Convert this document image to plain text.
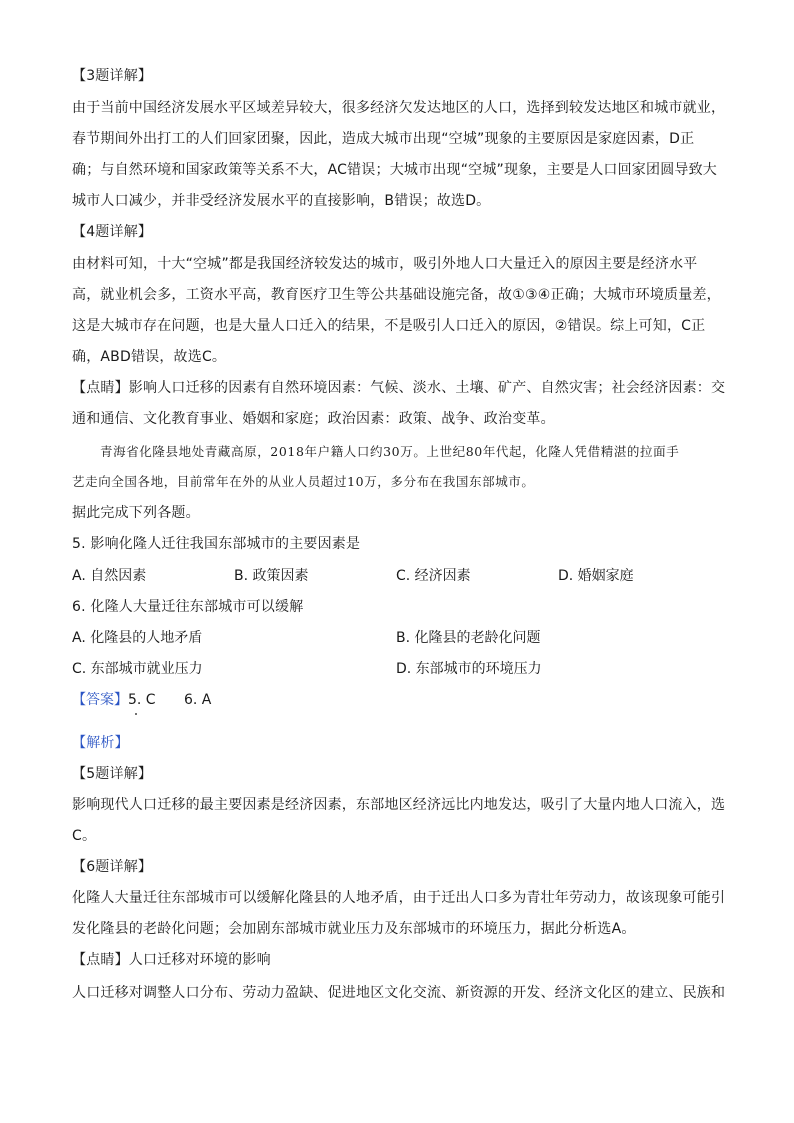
【3题详解】
由于当前中国经济发展水平区域差异较大，很多经济欠发达地区的人口，选择到较发达地区和城市就业，
春节期间外出打工的人们回家团聚，因此，造成大城市出现“空城”现象的主要原因是家庭因素，D正
确；与自然环境和国家政策等关系不大，AC错误；大城市出现“空城”现象，主要是人口回家团圆导致大
城市人口减少，并非受经济发展水平的直接影响，B错误；故选D。
【4题详解】
由材料可知，十大“空城”都是我国经济较发达的城市，吸引外地人口大量迁入的原因主要是经济水平
高，就业机会多，工资水平高，教育医疗卫生等公共基础设施完备，故①③④正确；大城市环境质量差，
这是大城市存在问题，也是大量人口迁入的结果，不是吸引人口迁入的原因，②错误。综上可知，C正
确，ABD错误，故选C。
【点睛】影响人口迁移的因素有自然环境因素：气候、淡水、土壤、矿产、自然灾害；社会经济因素：交
通和通信、文化教育事业、婚姻和家庭；政治因素：政策、战争、政治变革。
青海省化隆县地处青藏高原，2018年户籍人口约30万。上世纪80年代起，化隆人凭借精湛的拉面手
艺走向全国各地，目前常年在外的从业人员超过10万，多分布在我国东部城市。
据此完成下列各题。
5. 影响化隆人迁往我国东部城市的主要因素是
A. 自然因素	B. 政策因素	C. 经济因素	D. 婚姻家庭
6. 化隆人大量迁往东部城市可以缓解
A. 化隆县的人地矛盾	B. 化隆县的老龄化问题
C. 东部城市就业压力	D. 东部城市的环境压力
【答案】 5. C 6. A
【解析】
【5题详解】
影响现代人口迁移的最主要因素是经济因素，东部地区经济远比内地发达，吸引了大量内地人口流入，选
C。
【6题详解】
化隆人大量迁往东部城市可以缓解化隆县的人地矛盾，由于迁出人口多为青壮年劳动力，故该现象可能引
发化隆县的老龄化问题；会加剧东部城市就业压力及东部城市的环境压力，据此分析选A。
【点睛】人口迁移对环境的影响
人口迁移对调整人口分布、劳动力盈缺、促进地区文化交流、新资源的开发、经济文化区的建立、民族和
